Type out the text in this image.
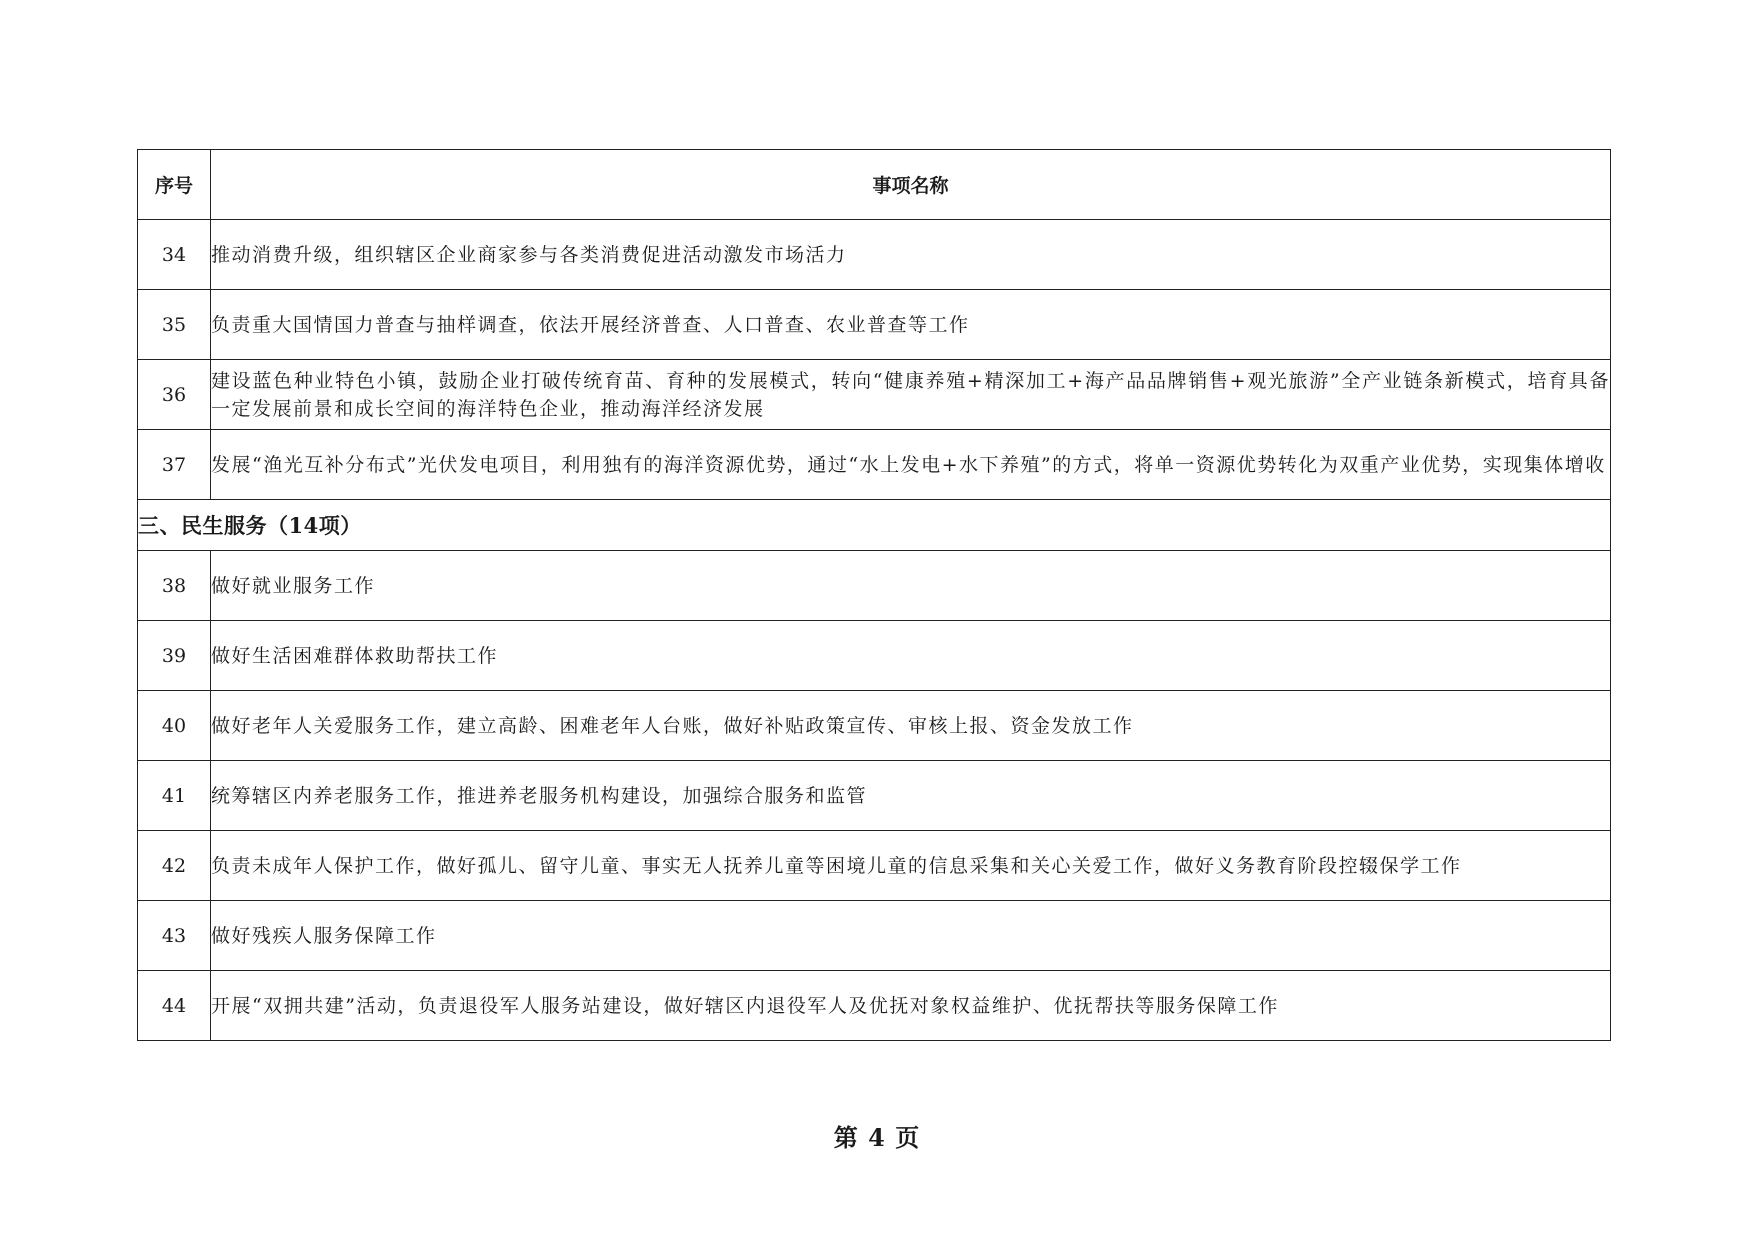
序号	事项名称
34	推动消费升级，组织辖区企业商家参与各类消费促进活动激发市场活力
35	负责重大国情国力普查与抽样调查，依法开展经济普查、人口普查、农业普查等工作
36	建设蓝色种业特色小镇，鼓励企业打破传统育苗、育种的发展模式，转向“健康养殖+精深加工+海产品品牌销售+观光旅游”全产业链条新模式，培育具备一定发展前景和成长空间的海洋特色企业，推动海洋经济发展
37	发展“渔光互补分布式”光伏发电项目，利用独有的海洋资源优势，通过“水上发电+水下养殖”的方式，将单一资源优势转化为双重产业优势，实现集体增收
三、民生服务（14项）	
38	做好就业服务工作
39	做好生活困难群体救助帮扶工作
40	做好老年人关爱服务工作，建立高龄、困难老年人台账，做好补贴政策宣传、审核上报、资金发放工作
41	统筹辖区内养老服务工作，推进养老服务机构建设，加强综合服务和监管
42	负责未成年人保护工作，做好孤儿、留守儿童、事实无人抚养儿童等困境儿童的信息采集和关心关爱工作，做好义务教育阶段控辍保学工作
43	做好残疾人服务保障工作
44	开展“双拥共建”活动，负责退役军人服务站建设，做好辖区内退役军人及优抚对象权益维护、优抚帮扶等服务保障工作
第 4 页
